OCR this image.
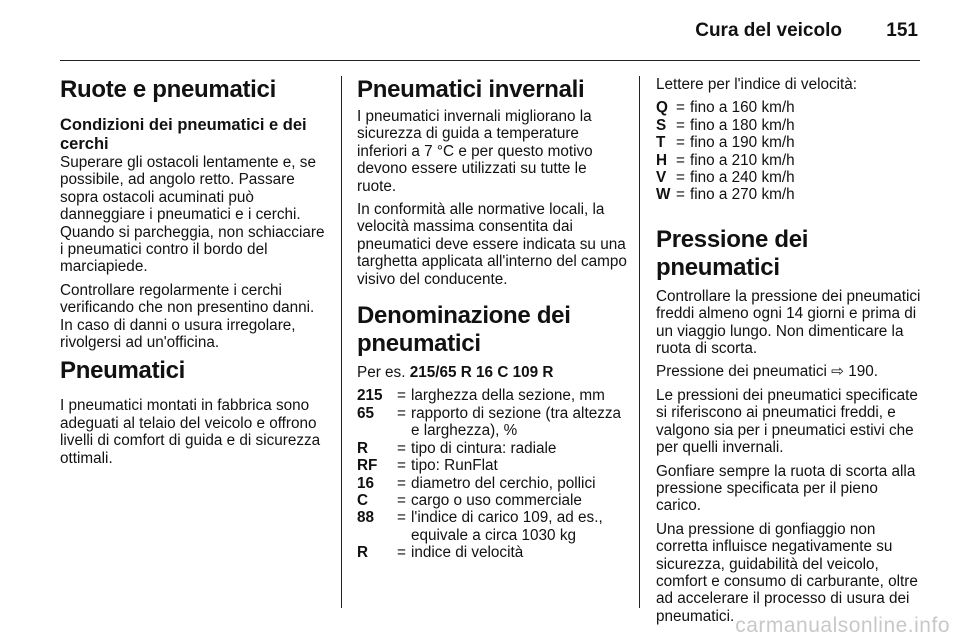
Cura del veicolo 151
Ruote e pneumatici
Condizioni dei pneumatici e dei cerchi

Superare gli ostacoli lentamente e, se possibile, ad angolo retto. Passare sopra ostacoli acuminati può danneggiare i pneumatici e i cerchi. Quando si parcheggia, non schiacciare i pneumatici contro il bordo del marciapiede.

Controllare regolarmente i cerchi verificando che non presentino danni. In caso di danni o usura irregolare, rivolgersi ad un'officina.

Pneumatici

I pneumatici montati in fabbrica sono adeguati al telaio del veicolo e offrono livelli di comfort di guida e di sicurezza ottimali.

Pneumatici invernali

I pneumatici invernali migliorano la sicurezza di guida a temperature inferiori a 7 °C e per questo motivo devono essere utilizzati su tutte le ruote.

In conformità alle normative locali, la velocità massima consentita dai pneumatici deve essere indicata su una targhetta applicata all'interno del campo visivo del conducente.

Denominazione dei pneumatici

Per es. 215/65 R 16 C 109 R

215 = larghezza della sezione, mm
65	= rapporto di sezione (tra altezza e larghezza), %
R	= tipo di cintura: radiale
RF	= tipo: RunFlat
16	= diametro del cerchio, pollici
C	= cargo o uso commerciale
88	= l'indice di carico 109, ad es., equivale a circa 1030 kg
R	= indice di velocità

Lettere per l'indice di velocità:

Q = fino a 160 km/h
S = fino a 180 km/h
T = fino a 190 km/h
H = fino a 210 km/h
V = fino a 240 km/h
W = fino a 270 km/h
Pressione dei pneumatici

Controllare la pressione dei pneumatici freddi almeno ogni 14 giorni e prima di un viaggio lungo. Non dimenticare la ruota di scorta.

Pressione dei pneumatici ⇨ 190.

Le pressioni dei pneumatici specificate si riferiscono ai pneumatici freddi, e valgono sia per i pneumatici estivi che per quelli invernali.

Gonfiare sempre la ruota di scorta alla pressione specificata per il pieno carico.

Una pressione di gonfiaggio non corretta influisce negativamente su sicurezza, guidabilità del veicolo, comfort e consumo di carburante, oltre ad accelerare il processo di usura dei pneumatici. carmanualsonline.info
